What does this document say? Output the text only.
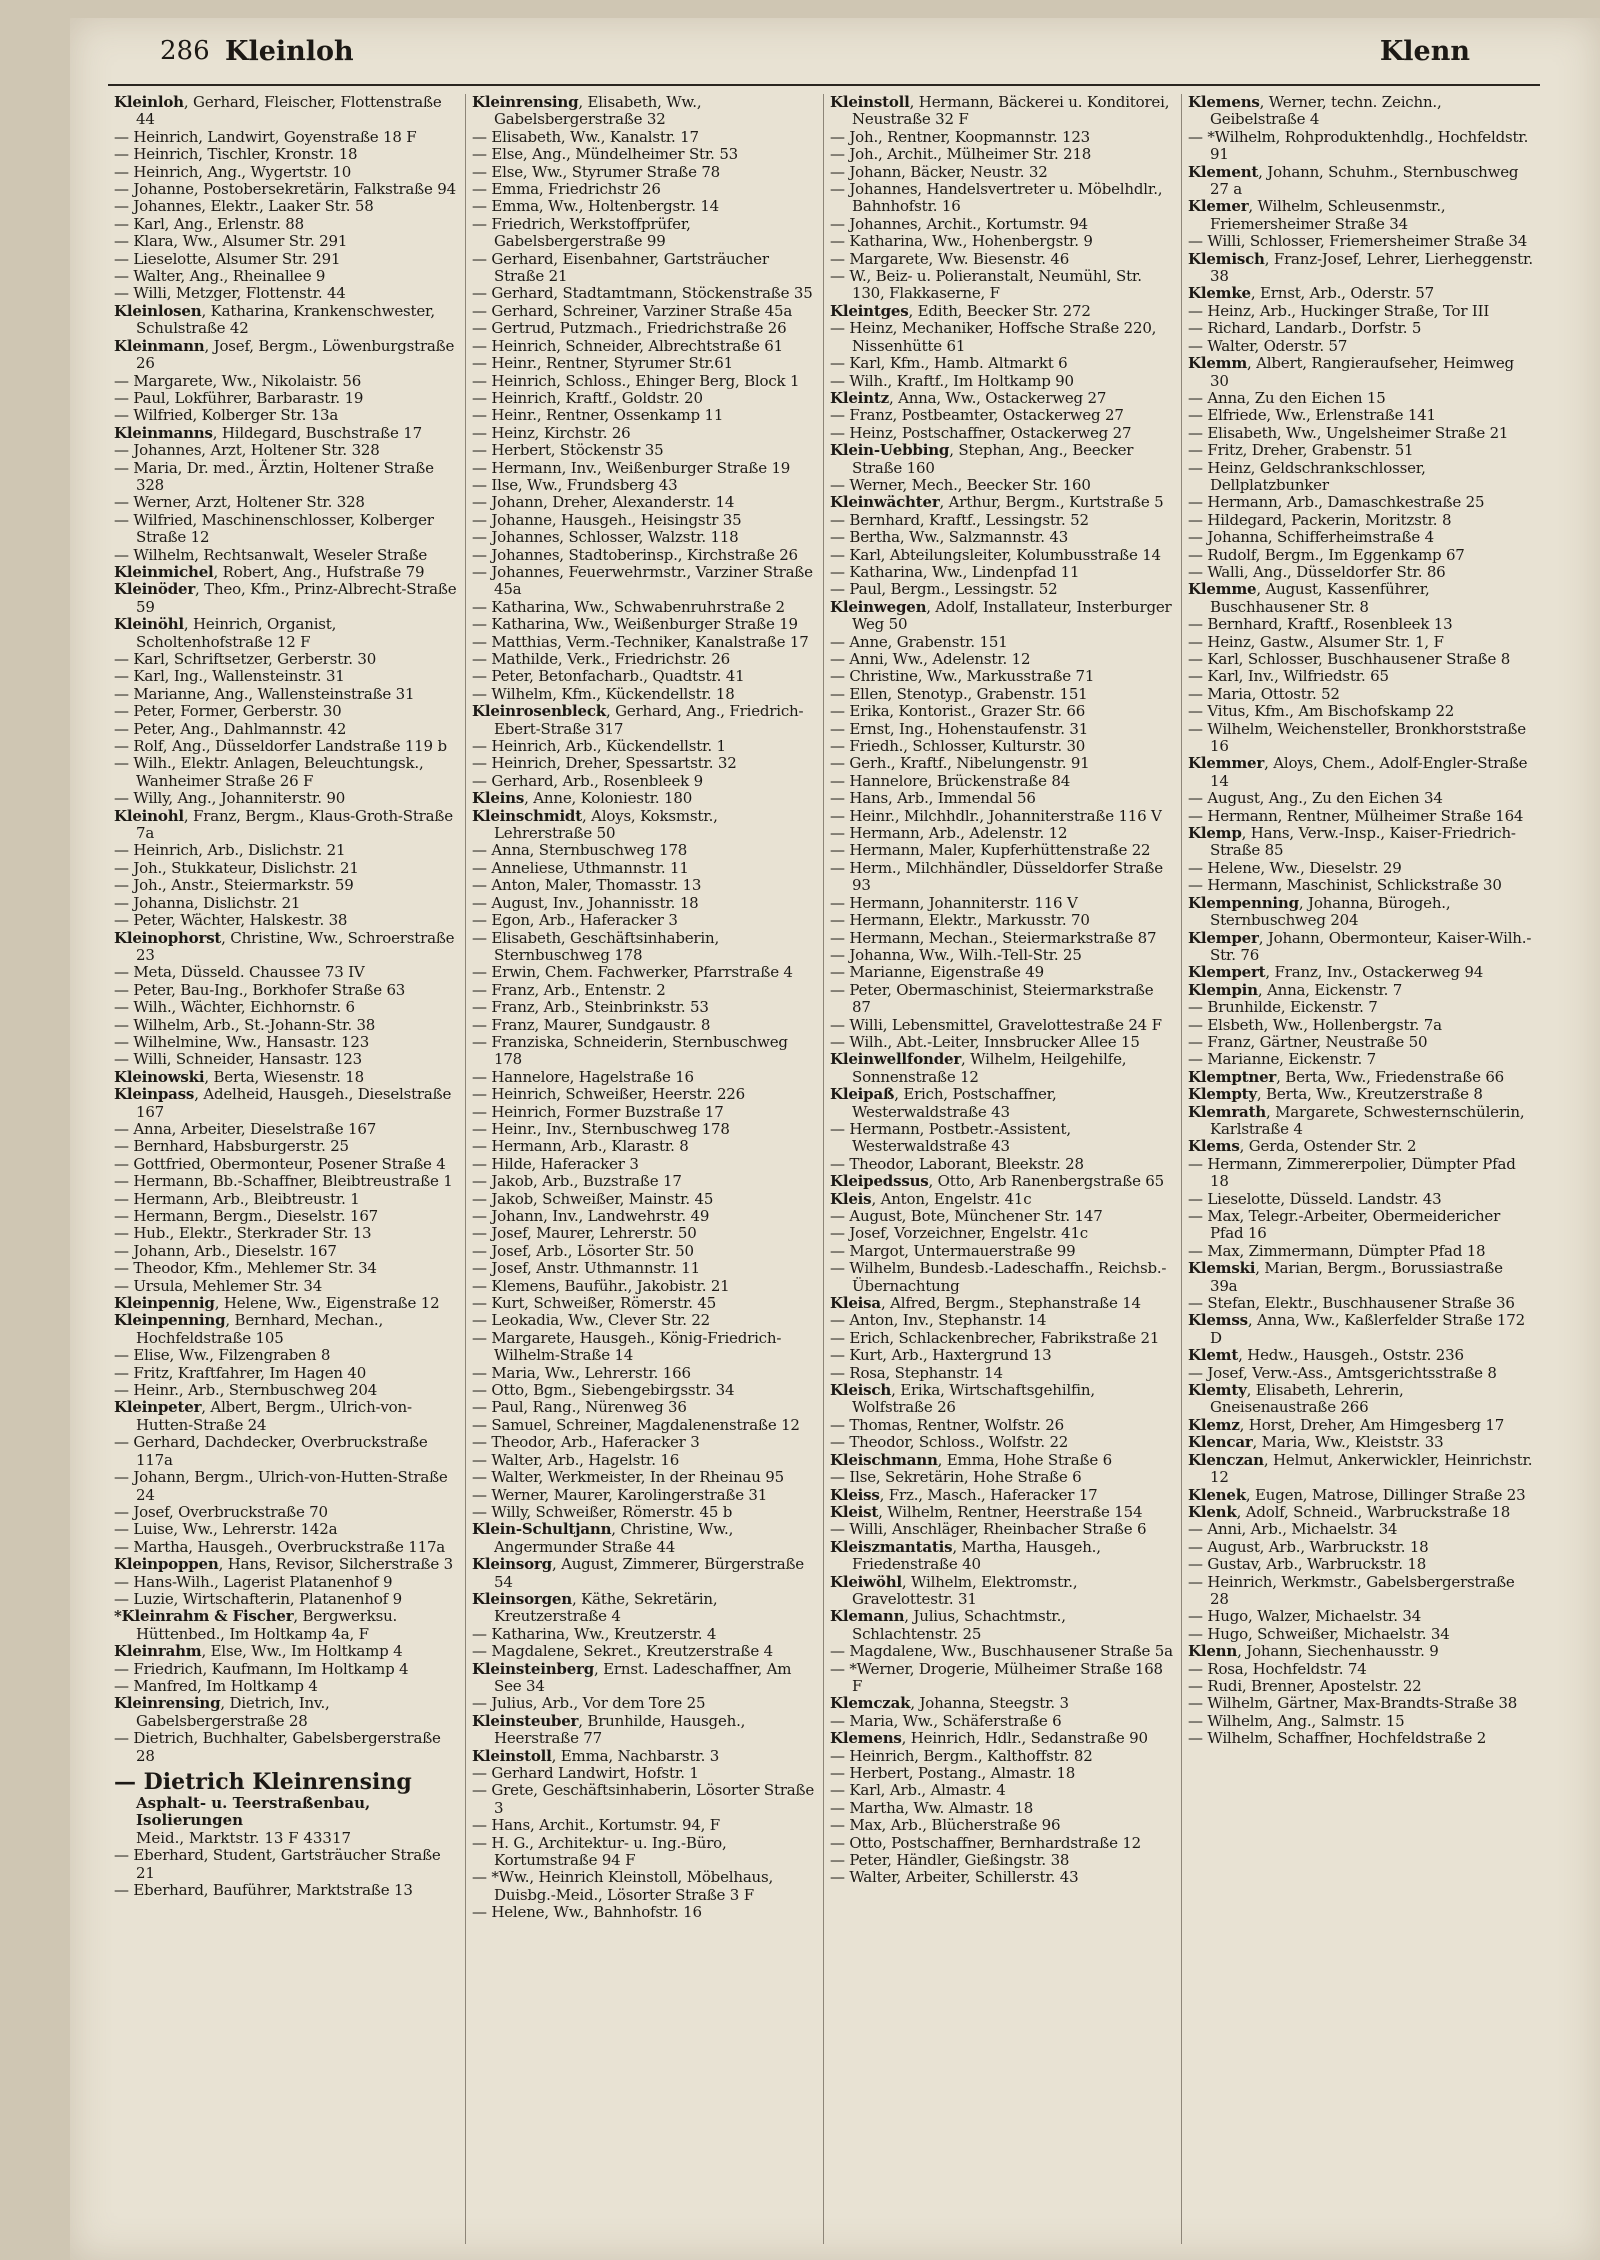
286 Kleinloh	Klenn

Kleinloh, Gerhard, Fleischer, Flottenstraße 44

— Heinrich, Landwirt, Goyenstraße 18 F

— Heinrich, Tischler, Kronstr. 18

— Heinrich, Ang., Wygertstr. 10

— Johanne, Postobersekretärin, Falkstraße 94

— Johannes, Elektr., Laaker Str. 58

— Karl, Ang., Erlenstr. 88

— Klara, Ww., Alsumer Str. 291

— Lieselotte, Alsumer Str. 291

— Walter, Ang., Rheinallee 9

— Willi, Metzger, Flottenstr. 44

Kleinlosen, Katharina, Krankenschwester, Schulstraße 42

Kleinmann, Josef, Bergm., Löwenburgstraße 26

— Margarete, Ww., Nikolaistr. 56

— Paul, Lokführer, Barbarastr. 19

— Wilfried, Kolberger Str. 13a

Kleinmanns, Hildegard, Buschstraße 17

— Johannes, Arzt, Holtener Str. 328

— Maria, Dr. med., Ärztin, Holtener Straße 328

— Werner, Arzt, Holtener Str. 328

— Wilfried, Maschinenschlosser, Kolberger Straße 12

— Wilhelm, Rechtsanwalt, Weseler Straße

Kleinmichel, Robert, Ang., Hufstraße 79

Kleinöder, Theo, Kfm., Prinz-Albrecht-Straße 59

Kleinöhl, Heinrich, Organist, Scholtenhofstraße 12 F

— Karl, Schriftsetzer, Gerberstr. 30

— Karl, Ing., Wallensteinstr. 31

— Marianne, Ang., Wallensteinstraße 31

— Peter, Former, Gerberstr. 30

— Peter, Ang., Dahlmannstr. 42

— Rolf, Ang., Düsseldorfer Landstraße 119 b

— Wilh., Elektr. Anlagen, Beleuchtungsk., Wanheimer Straße 26 F

— Willy, Ang., Johanniterstr. 90

Kleinohl, Franz, Bergm., Klaus-Groth-Straße 7a

— Heinrich, Arb., Dislichstr. 21

— Joh., Stukkateur, Dislichstr. 21

— Joh., Anstr., Steiermarkstr. 59

— Johanna, Dislichstr. 21

— Peter, Wächter, Halskestr. 38

Kleinophorst, Christine, Ww., Schroerstraße 23

— Meta, Düsseld. Chaussee 73 IV

— Peter, Bau-Ing., Borkhofer Straße 63

— Wilh., Wächter, Eichhornstr. 6

— Wilhelm, Arb., St.-Johann-Str. 38

— Wilhelmine, Ww., Hansastr. 123

— Willi, Schneider, Hansastr. 123

Kleinowski, Berta, Wiesenstr. 18

Kleinpass, Adelheid, Hausgeh., Dieselstraße 167

— Anna, Arbeiter, Dieselstraße 167

— Bernhard, Habsburgerstr. 25

— Gottfried, Obermonteur, Posener Straße 4

— Hermann, Bb.-Schaffner, Bleibtreustraße 1

— Hermann, Arb., Bleibtreustr. 1

— Hermann, Bergm., Dieselstr. 167

— Hub., Elektr., Sterkrader Str. 13

— Johann, Arb., Dieselstr. 167

— Theodor, Kfm., Mehlemer Str. 34

— Ursula, Mehlemer Str. 34

Kleinpennig, Helene, Ww., Eigenstraße 12

Kleinpenning, Bernhard, Mechan., Hochfeldstraße 105

— Elise, Ww., Filzengraben 8

— Fritz, Kraftfahrer, Im Hagen 40

— Heinr., Arb., Sternbuschweg 204

Kleinpeter, Albert, Bergm., Ulrich-von-Hutten-Straße 24

— Gerhard, Dachdecker, Overbruckstraße 117a

— Johann, Bergm., Ulrich-von-Hutten-Straße 24

— Josef, Overbruckstraße 70

— Luise, Ww., Lehrerstr. 142a

— Martha, Hausgeh., Overbruckstraße 117a

Kleinpoppen, Hans, Revisor, Silcherstraße 3

— Hans-Wilh., Lagerist Platanenhof 9

— Luzie, Wirtschafterin, Platanenhof 9

*Kleinrahm & Fischer, Bergwerksu. Hüttenbed., Im Holtkamp 4a, F

Kleinrahm, Else, Ww., Im Holtkamp 4

— Friedrich, Kaufmann, Im Holtkamp 4

— Manfred, Im Holtkamp 4

Kleinrensing, Dietrich, Inv., Gabelsbergerstraße 28

— Dietrich, Buchhalter, Gabelsbergerstraße 28

— Dietrich Kleinrensing
Asphalt- u. Teerstraßenbau,
Isolierungen
Meid., Marktstr. 13 F 43317

— Eberhard, Student, Gartsträucher Straße 21

— Eberhard, Bauführer, Marktstraße 13

Kleinrensing, Elisabeth, Ww., Gabelsbergerstraße 32

— Elisabeth, Ww., Kanalstr. 17

— Else, Ang., Mündelheimer Str. 53

— Else, Ww., Styrumer Straße 78

— Emma, Friedrichstr 26

— Emma, Ww., Holtenbergstr. 14

— Friedrich, Werkstoffprüfer, Gabelsbergerstraße 99

— Gerhard, Eisenbahner, Gartsträucher Straße 21

— Gerhard, Stadtamtmann, Stöckenstraße 35

— Gerhard, Schreiner, Varziner Straße 45a

— Gertrud, Putzmach., Friedrichstraße 26

— Heinrich, Schneider, Albrechtstraße 61

— Heinr., Rentner, Styrumer Str.61

— Heinrich, Schloss., Ehinger Berg, Block 1

— Heinrich, Kraftf., Goldstr. 20

— Heinr., Rentner, Ossenkamp 11

— Heinz, Kirchstr. 26

— Herbert, Stöckenstr 35

— Hermann, Inv., Weißenburger Straße 19

— Ilse, Ww., Frundsberg 43

— Johann, Dreher, Alexanderstr. 14

— Johanne, Hausgeh., Heisingstr 35

— Johannes, Schlosser, Walzstr. 118

— Johannes, Stadtoberinsp., Kirchstraße 26

— Johannes, Feuerwehrmstr., Varziner Straße 45a

— Katharina, Ww., Schwabenruhrstraße 2

— Katharina, Ww., Weißenburger Straße 19

— Matthias, Verm.-Techniker, Kanalstraße 17

— Mathilde, Verk., Friedrichstr. 26

— Peter, Betonfacharb., Quadtstr. 41

— Wilhelm, Kfm., Kückendellstr. 18

Kleinrosenbleck, Gerhard, Ang., Friedrich-Ebert-Straße 317

— Heinrich, Arb., Kückendellstr. 1

— Heinrich, Dreher, Spessartstr. 32

— Gerhard, Arb., Rosenbleek 9

Kleins, Anne, Koloniestr. 180

Kleinschmidt, Aloys, Koksmstr., Lehrerstraße 50

— Anna, Sternbuschweg 178

— Anneliese, Uthmannstr. 11

— Anton, Maler, Thomasstr. 13

— August, Inv., Johannisstr. 18

— Egon, Arb., Haferacker 3

— Elisabeth, Geschäftsinhaberin, Sternbuschweg 178

— Erwin, Chem. Fachwerker, Pfarrstraße 4

— Franz, Arb., Entenstr. 2

— Franz, Arb., Steinbrinkstr. 53

— Franz, Maurer, Sundgaustr. 8

— Franziska, Schneiderin, Sternbuschweg 178

— Hannelore, Hagelstraße 16

— Heinrich, Schweißer, Heerstr. 226

— Heinrich, Former Buzstraße 17

— Heinr., Inv., Sternbuschweg 178

— Hermann, Arb., Klarastr. 8

— Hilde, Haferacker 3

— Jakob, Arb., Buzstraße 17

— Jakob, Schweißer, Mainstr. 45

— Johann, Inv., Landwehrstr. 49

— Josef, Maurer, Lehrerstr. 50

— Josef, Arb., Lösorter Str. 50

— Josef, Anstr. Uthmannstr. 11

— Klemens, Bauführ., Jakobistr. 21

— Kurt, Schweißer, Römerstr. 45

— Leokadia, Ww., Clever Str. 22

— Margarete, Hausgeh., König-Friedrich-Wilhelm-Straße 14

— Maria, Ww., Lehrerstr. 166

— Otto, Bgm., Siebengebirgsstr. 34

— Paul, Rang., Nürenweg 36

— Samuel, Schreiner, Magdalenenstraße 12

— Theodor, Arb., Haferacker 3

— Walter, Arb., Hagelstr. 16

— Walter, Werkmeister, In der Rheinau 95

— Werner, Maurer, Karolingerstraße 31

— Willy, Schweißer, Römerstr. 45 b

Klein-Schultjann, Christine, Ww., Angermunder Straße 44

Kleinsorg, August, Zimmerer, Bürgerstraße 54

Kleinsorgen, Käthe, Sekretärin, Kreutzerstraße 4

— Katharina, Ww., Kreutzerstr. 4

— Magdalene, Sekret., Kreutzerstraße 4

Kleinsteinberg, Ernst. Ladeschaffner, Am See 34

— Julius, Arb., Vor dem Tore 25

Kleinsteuber, Brunhilde, Hausgeh., Heerstraße 77

Kleinstoll, Emma, Nachbarstr. 3

— Gerhard Landwirt, Hofstr. 1

— Grete, Geschäftsinhaberin, Lösorter Straße 3

— Hans, Archit., Kortumstr. 94, F

— H. G., Architektur- u. Ing.-Büro, Kortumstraße 94 F

— *Ww., Heinrich Kleinstoll, Möbelhaus, Duisbg.-Meid., Lösorter Straße 3 F

— Helene, Ww., Bahnhofstr. 16

Kleinstoll, Hermann, Bäckerei u. Konditorei, Neustraße 32 F

— Joh., Rentner, Koopmannstr. 123

— Joh., Archit., Mülheimer Str. 218

— Johann, Bäcker, Neustr. 32

— Johannes, Handelsvertreter u. Möbelhdlr., Bahnhofstr. 16

— Johannes, Archit., Kortumstr. 94

— Katharina, Ww., Hohenbergstr. 9

— Margarete, Ww. Biesenstr. 46

— W., Beiz- u. Polieranstalt, Neumühl, Str. 130, Flakkaserne, F

Kleintges, Edith, Beecker Str. 272

— Heinz, Mechaniker, Hoffsche Straße 220, Nissenhütte 61

— Karl, Kfm., Hamb. Altmarkt 6

— Wilh., Kraftf., Im Holtkamp 90

Kleintz, Anna, Ww., Ostackerweg 27

— Franz, Postbeamter, Ostackerweg 27

— Heinz, Postschaffner, Ostackerweg 27

Klein-Uebbing, Stephan, Ang., Beecker Straße 160

— Werner, Mech., Beecker Str. 160

Kleinwächter, Arthur, Bergm., Kurtstraße 5

— Bernhard, Kraftf., Lessingstr. 52

— Bertha, Ww., Salzmannstr. 43

— Karl, Abteilungsleiter, Kolumbusstraße 14

— Katharina, Ww., Lindenpfad 11

— Paul, Bergm., Lessingstr. 52

Kleinwegen, Adolf, Installateur, Insterburger Weg 50

— Anne, Grabenstr. 151

— Anni, Ww., Adelenstr. 12

— Christine, Ww., Markusstraße 71

— Ellen, Stenotyp., Grabenstr. 151

— Erika, Kontorist., Grazer Str. 66

— Ernst, Ing., Hohenstaufenstr. 31

— Friedh., Schlosser, Kulturstr. 30

— Gerh., Kraftf., Nibelungenstr. 91

— Hannelore, Brückenstraße 84

— Hans, Arb., Immendal 56

— Heinr., Milchhdlr., Johanniterstraße 116 V

— Hermann, Arb., Adelenstr. 12

— Hermann, Maler, Kupferhüttenstraße 22

— Herm., Milchhändler, Düsseldorfer Straße 93

— Hermann, Johanniterstr. 116 V

— Hermann, Elektr., Markusstr. 70

— Hermann, Mechan., Steiermarkstraße 87

— Johanna, Ww., Wilh.-Tell-Str. 25

— Marianne, Eigenstraße 49

— Peter, Obermaschinist, Steiermarkstraße 87

— Willi, Lebensmittel, Gravelottestraße 24 F

— Wilh., Abt.-Leiter, Innsbrucker Allee 15

Kleinwellfonder, Wilhelm, Heilgehilfe, Sonnenstraße 12

Kleipaß, Erich, Postschaffner, Westerwaldstraße 43

— Hermann, Postbetr.-Assistent, Westerwaldstraße 43

— Theodor, Laborant, Bleekstr. 28

Kleipedssus, Otto, Arb Ranenbergstraße 65

Kleis, Anton, Engelstr. 41c

— August, Bote, Münchener Str. 147

— Josef, Vorzeichner, Engelstr. 41c

— Margot, Untermauerstraße 99

— Wilhelm, Bundesb.-Ladeschaffn., Reichsb.-Übernachtung

Kleisa, Alfred, Bergm., Stephanstraße 14

— Anton, Inv., Stephanstr. 14

— Erich, Schlackenbrecher, Fabrikstraße 21

— Kurt, Arb., Haxtergrund 13

— Rosa, Stephanstr. 14

Kleisch, Erika, Wirtschaftsgehilfin, Wolfstraße 26

— Thomas, Rentner, Wolfstr. 26

— Theodor, Schloss., Wolfstr. 22

Kleischmann, Emma, Hohe Straße 6

— Ilse, Sekretärin, Hohe Straße 6

Kleiss, Frz., Masch., Haferacker 17

Kleist, Wilhelm, Rentner, Heerstraße 154

— Willi, Anschläger, Rheinbacher Straße 6

Kleiszmantatis, Martha, Hausgeh., Friedenstraße 40

Kleiwöhl, Wilhelm, Elektromstr., Gravelottestr. 31

Klemann, Julius, Schachtmstr., Schlachtenstr. 25

— Magdalene, Ww., Buschhausener Straße 5a

— *Werner, Drogerie, Mülheimer Straße 168 F

Klemczak, Johanna, Steegstr. 3

— Maria, Ww., Schäferstraße 6

Klemens, Heinrich, Hdlr., Sedanstraße 90

— Heinrich, Bergm., Kalthoffstr. 82

— Herbert, Postang., Almastr. 18

— Karl, Arb., Almastr. 4

— Martha, Ww. Almastr. 18

— Max, Arb., Blücherstraße 96

— Otto, Postschaffner, Bernhardstraße 12

— Peter, Händler, Gießingstr. 38

— Walter, Arbeiter, Schillerstr. 43

Klemens, Werner, techn. Zeichn., Geibelstraße 4

— *Wilhelm, Rohproduktenhdlg., Hochfeldstr. 91

Klement, Johann, Schuhm., Sternbuschweg 27 a

Klemer, Wilhelm, Schleusenmstr., Friemersheimer Straße 34

— Willi, Schlosser, Friemersheimer Straße 34

Klemisch, Franz-Josef, Lehrer, Lierheggenstr. 38

Klemke, Ernst, Arb., Oderstr. 57

— Heinz, Arb., Huckinger Straße, Tor III

— Richard, Landarb., Dorfstr. 5

— Walter, Oderstr. 57

Klemm, Albert, Rangieraufseher, Heimweg 30

— Anna, Zu den Eichen 15

— Elfriede, Ww., Erlenstraße 141

— Elisabeth, Ww., Ungelsheimer Straße 21

— Fritz, Dreher, Grabenstr. 51

— Heinz, Geldschrankschlosser, Dellplatzbunker

— Hermann, Arb., Damaschkestraße 25

— Hildegard, Packerin, Moritzstr. 8

— Johanna, Schifferheimstraße 4

— Rudolf, Bergm., Im Eggenkamp 67

— Walli, Ang., Düsseldorfer Str. 86

Klemme, August, Kassenführer, Buschhausener Str. 8

— Bernhard, Kraftf., Rosenbleek 13

— Heinz, Gastw., Alsumer Str. 1, F

— Karl, Schlosser, Buschhausener Straße 8

— Karl, Inv., Wilfriedstr. 65

— Maria, Ottostr. 52

— Vitus, Kfm., Am Bischofskamp 22

— Wilhelm, Weichensteller, Bronkhorststraße 16

Klemmer, Aloys, Chem., Adolf-Engler-Straße 14

— August, Ang., Zu den Eichen 34

— Hermann, Rentner, Mülheimer Straße 164

Klemp, Hans, Verw.-Insp., Kaiser-Friedrich-Straße 85

— Helene, Ww., Dieselstr. 29

— Hermann, Maschinist, Schlickstraße 30

Klempenning, Johanna, Bürogeh., Sternbuschweg 204

Klemper, Johann, Obermonteur, Kaiser-Wilh.-Str. 76

Klempert, Franz, Inv., Ostackerweg 94

Klempin, Anna, Eickenstr. 7

— Brunhilde, Eickenstr. 7

— Elsbeth, Ww., Hollenbergstr. 7a

— Franz, Gärtner, Neustraße 50

— Marianne, Eickenstr. 7

Klemptner, Berta, Ww., Friedenstraße 66

Klempty, Berta, Ww., Kreutzerstraße 8

Klemrath, Margarete, Schwesternschülerin, Karlstraße 4

Klems, Gerda, Ostender Str. 2

— Hermann, Zimmererpolier, Dümpter Pfad 18

— Lieselotte, Düsseld. Landstr. 43

— Max, Telegr.-Arbeiter, Obermeidericher Pfad 16

— Max, Zimmermann, Dümpter Pfad 18

Klemski, Marian, Bergm., Borussiastraße 39a

— Stefan, Elektr., Buschhausener Straße 36

Klemss, Anna, Ww., Kaßlerfelder Straße 172 D

Klemt, Hedw., Hausgeh., Oststr. 236

— Josef, Verw.-Ass., Amtsgerichtsstraße 8

Klemty, Elisabeth, Lehrerin, Gneisenaustraße 266

Klemz, Horst, Dreher, Am Himgesberg 17

Klencar, Maria, Ww., Kleiststr. 33

Klenczan, Helmut, Ankerwickler, Heinrichstr. 12

Klenek, Eugen, Matrose, Dillinger Straße 23

Klenk, Adolf, Schneid., Warbruckstraße 18

— Anni, Arb., Michaelstr. 34

— August, Arb., Warbruckstr. 18

— Gustav, Arb., Warbruckstr. 18

— Heinrich, Werkmstr., Gabelsbergerstraße 28

— Hugo, Walzer, Michaelstr. 34

— Hugo, Schweißer, Michaelstr. 34

Klenn, Johann, Siechenhausstr. 9

— Rosa, Hochfeldstr. 74

— Rudi, Brenner, Apostelstr. 22

— Wilhelm, Gärtner, Max-Brandts-Straße 38

— Wilhelm, Ang., Salmstr. 15

— Wilhelm, Schaffner, Hochfeldstraße 2
